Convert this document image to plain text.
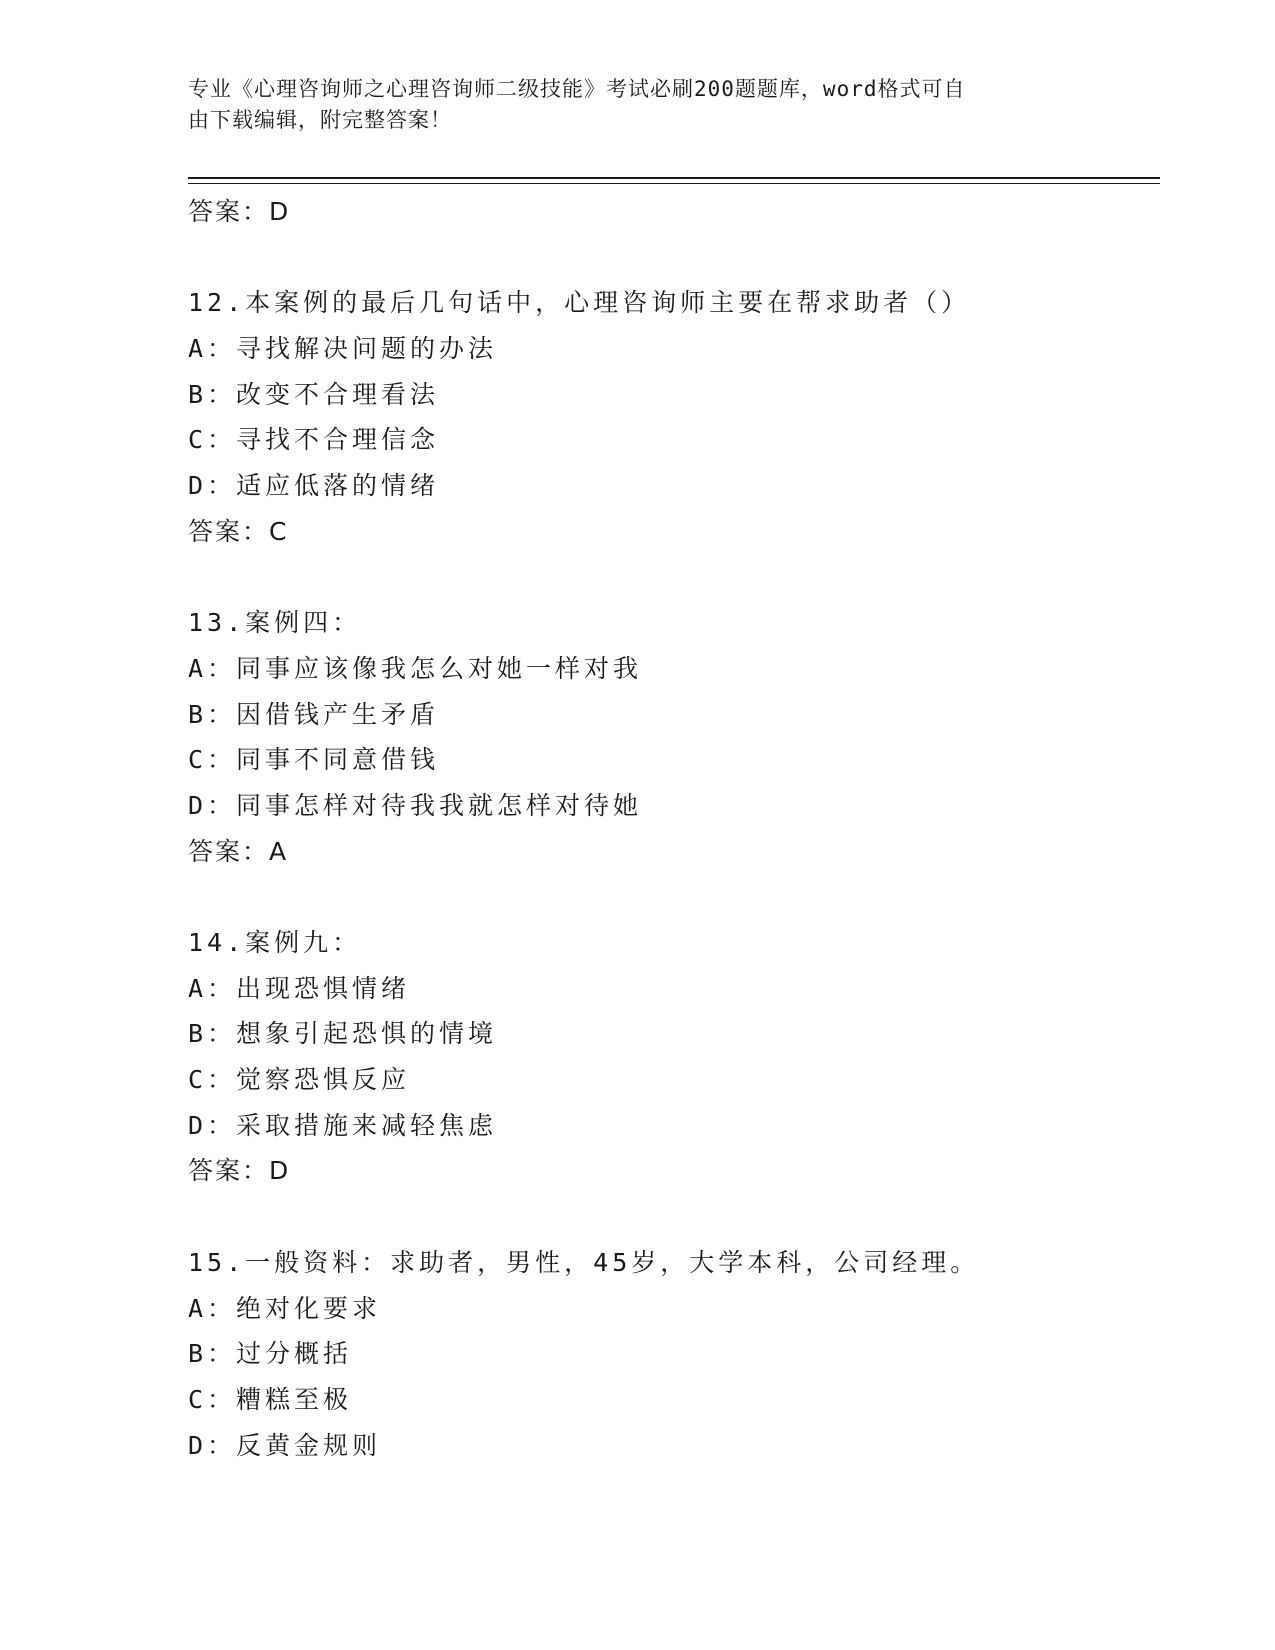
专业《心理咨询师之心理咨询师二级技能》考试必刷200题题库，word格式可自
由下载编辑，附完整答案！
答案：D
12.本案例的最后几句话中，心理咨询师主要在帮求助者（）
A：寻找解决问题的办法
B：改变不合理看法
C：寻找不合理信念
D：适应低落的情绪
答案：C
13.案例四：
A：同事应该像我怎么对她一样对我
B：因借钱产生矛盾
C：同事不同意借钱
D：同事怎样对待我我就怎样对待她
答案：A
14.案例九：
A：出现恐惧情绪
B：想象引起恐惧的情境
C：觉察恐惧反应
D：采取措施来减轻焦虑
答案：D
15.一般资料：求助者，男性，45岁，大学本科，公司经理。
A：绝对化要求
B：过分概括
C：糟糕至极
D：反黄金规则
